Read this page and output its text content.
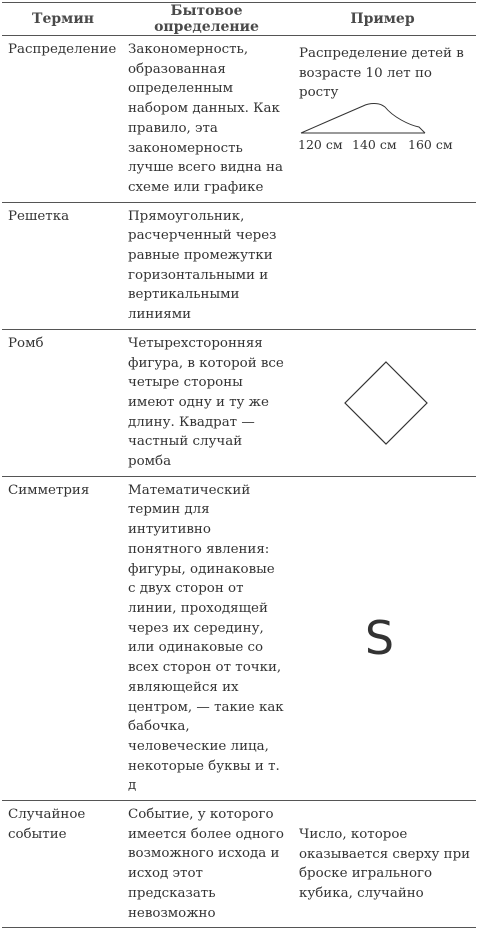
Термин	Бытовое определение	Пример
Распределение	Закономерность, образованная определенным набором данных. Как правило, эта закономерность лучше всего видна на схеме или графике	Распределение детей в возрасте 10 лет по росту
120 см 140 см 160 см

Решетка	Прямоугольник, расчерченный через равные промежутки горизонтальными и вертикальными линиями	
Ромб	Четырехсторонняя фигура, в которой все четыре стороны имеют одну и ту же длину. Квадрат — частный случай ромба	

Симметрия	Математический термин для интуитивно понятного явления: фигуры, одинаковые с двух сторон от линии, проходящей через их середину, или одинаковые со всех сторон от точки, являющейся их центром, — такие как бабочка, человеческие лица, некоторые буквы и т. д	S

Случайное событие	Событие, у которого имеется более одного возможного исхода и исход этот предсказать невозможно	Число, которое оказывается сверху при броске игрального кубика, случайно
